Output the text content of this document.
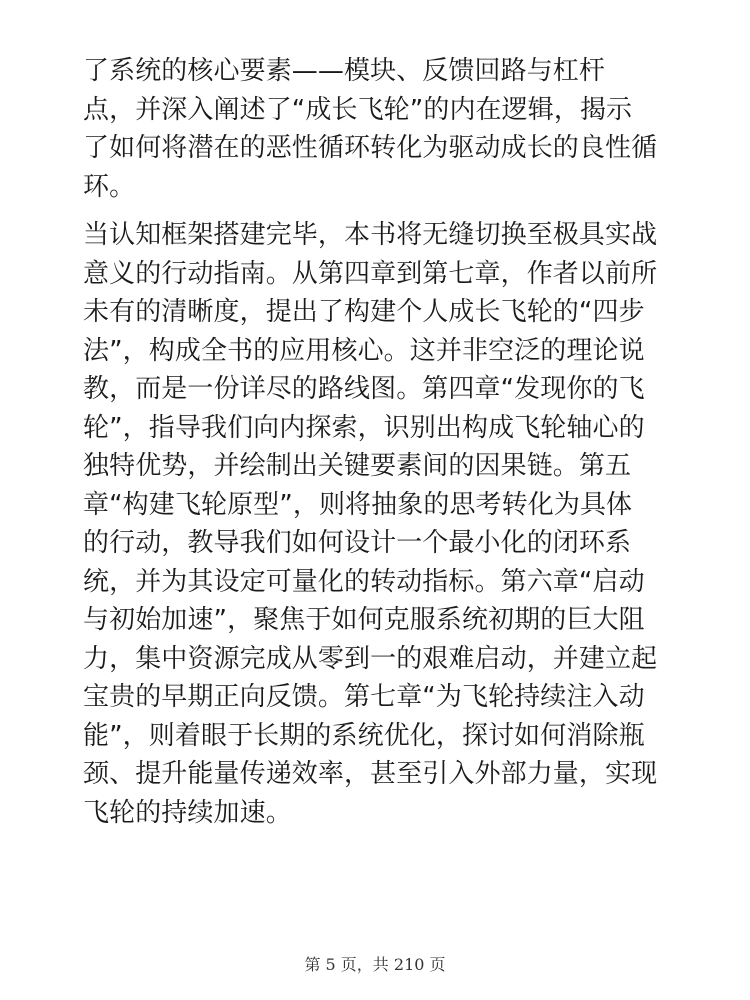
了系统的核心要素——模块、反馈回路与杠杆
点，并深入阐述了“成长飞轮”的内在逻辑，揭示
了如何将潜在的恶性循环转化为驱动成长的良性循
环。

当认知框架搭建完毕，本书将无缝切换至极具实战
意义的行动指南。从第四章到第七章，作者以前所
未有的清晰度，提出了构建个人成长飞轮的“四步
法”，构成全书的应用核心。这并非空泛的理论说
教，而是一份详尽的路线图。第四章“发现你的飞
轮”，指导我们向内探索，识别出构成飞轮轴心的
独特优势，并绘制出关键要素间的因果链。第五
章“构建飞轮原型”，则将抽象的思考转化为具体
的行动，教导我们如何设计一个最小化的闭环系
统，并为其设定可量化的转动指标。第六章“启动
与初始加速”，聚焦于如何克服系统初期的巨大阻
力，集中资源完成从零到一的艰难启动，并建立起
宝贵的早期正向反馈。第七章“为飞轮持续注入动
能”，则着眼于长期的系统优化，探讨如何消除瓶
颈、提升能量传递效率，甚至引入外部力量，实现
飞轮的持续加速。

第 5 页，共 210 页
